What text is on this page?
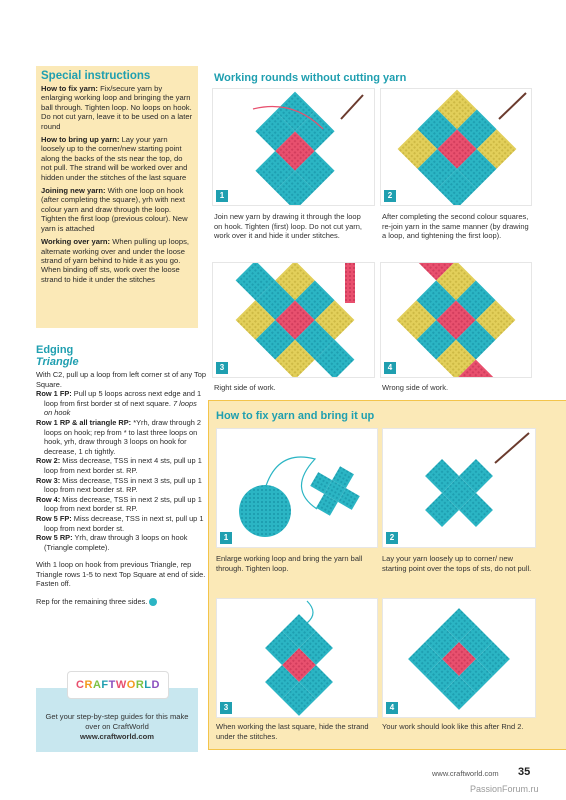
Special instructions

How to fix yarn: Fix/secure yarn by enlarging working loop and bringing the yarn ball through. Tighten loop. No loops on hook. Do not cut yarn, leave it to be used on a later round

How to bring up yarn: Lay your yarn loosely up to the corner/new starting point along the backs of the sts near the top, do not pull. The strand will be worked over and hidden under the stitches of the last square

Joining new yarn: With one loop on hook (after completing the square), yrh with next colour yarn and draw through the loop. Tighten the first loop (previous colour). New yarn is attached

Working over yarn: When pulling up loops, alternate working over and under the loose strand of yarn behind to hide it as you go. When binding off sts, work over the loose strand to hide it under the stitches

Edging
Triangle

With C2, pull up a loop from left corner st of any Top Square.

Row 1 FP: Pull up 5 loops across next edge and 1 loop from first border st of next square. 7 loops on hook

Row 1 RP & all triangle RP: *Yrh, draw through 2 loops on hook; rep from * to last three loops on hook, yrh, draw through 3 loops on hook for decrease, 1 ch tightly.

Row 2: Miss decrease, TSS in next 4 sts, pull up 1 loop from next border st. RP.

Row 3: Miss decrease, TSS in next 3 sts, pull up 1 loop from next border st. RP.

Row 4: Miss decrease, TSS in next 2 sts, pull up 1 loop from next border st. RP.

Row 5 FP: Miss decrease, TSS in next st, pull up 1 loop from next border st.

Row 5 RP: Yrh, draw through 3 loops on hook (Triangle complete).

With 1 loop on hook from previous Triangle, rep Triangle rows 1-5 to next Top Square at end of side. Fasten off.

Rep for the remaining three sides.

CRAFTWORLD

Get your step-by-step guides for this make over on CraftWorld

www.craftworld.com

Working rounds without cutting yarn
1
Join new yarn by drawing it through the loop on hook. Tighten (first) loop. Do not cut yarn, work over it and hide it under stitches.
2
After completing the second colour squares, re-join yarn in the same manner (by drawing a loop, and tightening the first loop).
3
Right side of work.
4
Wrong side of work.
How to fix yarn and bring it up
1
Enlarge working loop and bring the yarn ball through. Tighten loop.
2
Lay your yarn loosely up to corner/ new starting point over the tops of sts, do not pull.
3
When working the last square, hide the strand under the stitches.
4
Your work should look like this after Rnd 2.
www.craftworld.com 35
PassionForum.ru
